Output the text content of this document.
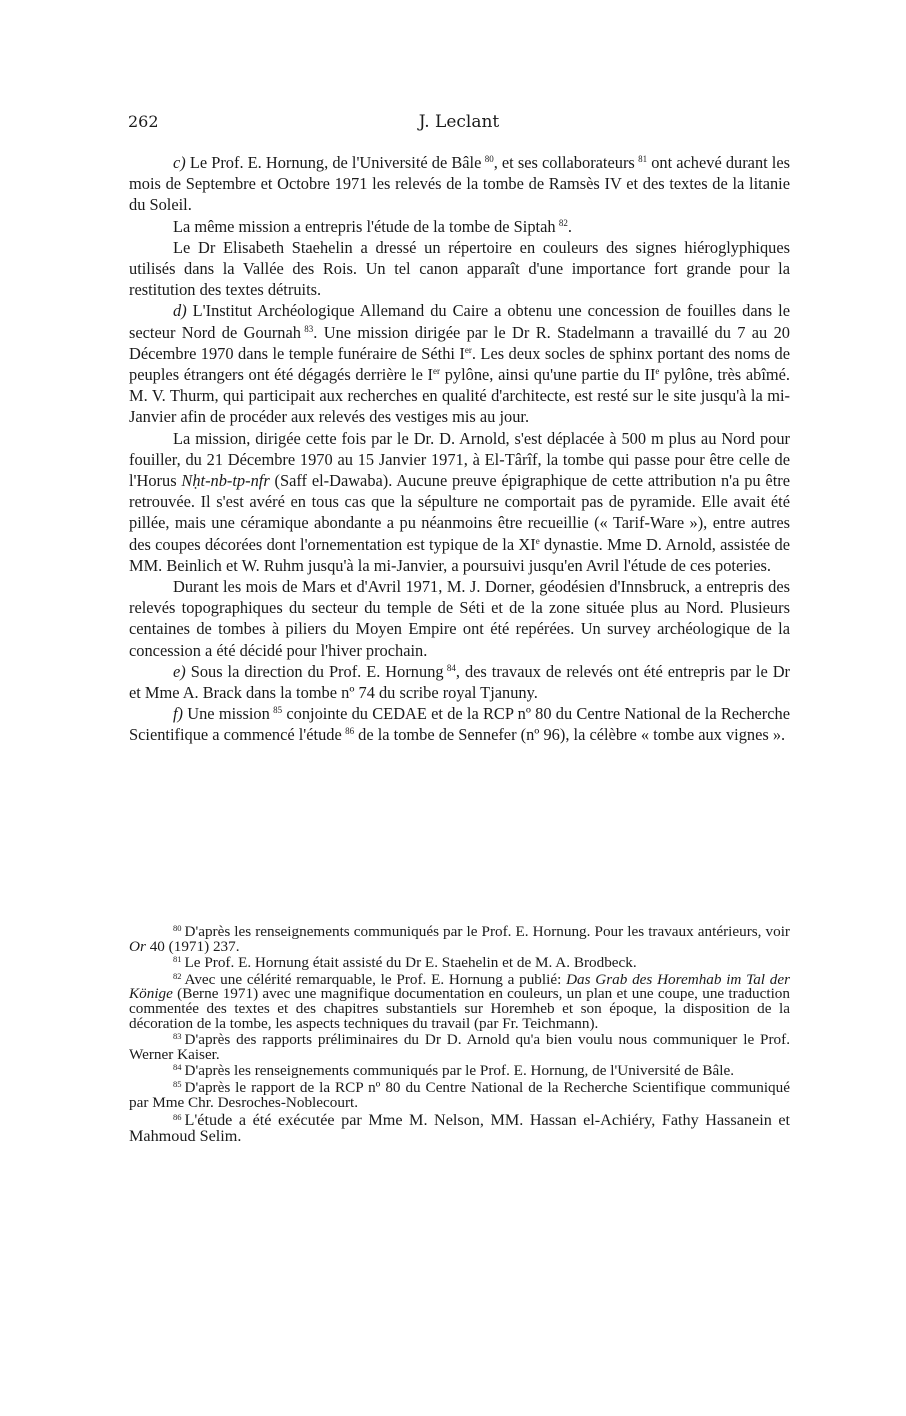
262	J. Leclant

c) Le Prof. E. Hornung, de l'Université de Bâle  $^{80}$, et ses collaborateurs  $^{81}$ ont achevé durant les mois de Septembre et Octobre 1971 les relevés de la tombe de Ramsès IV et des textes de la litanie du Soleil.

La même mission a entrepris l'étude de la tombe de Siptah  $^{82}$.

Le Dr Elisabeth Staehelin a dressé un répertoire en couleurs des signes hiéroglyphiques utilisés dans la Vallée des Rois. Un tel canon apparaît d'une importance fort grande pour la restitution des textes détruits.

d) L'Institut Archéologique Allemand du Caire a obtenu une concession de fouilles dans le secteur Nord de Gournah  $^{83}$. Une mission dirigée par le Dr R. Stadelmann a travaillé du 7 au 20 Décembre 1970 dans le temple funéraire de Séthi Ier. Les deux socles de sphinx portant des noms de peuples étrangers ont été dégagés derrière le Ier pylône, ainsi qu'une partie du IIe pylône, très abîmé. M. V. Thurm, qui participait aux recherches en qualité d'architecte, est resté sur le site jusqu'à la mi-Janvier afin de procéder aux relevés des vestiges mis au jour.

La mission, dirigée cette fois par le Dr. D. Arnold, s'est déplacée à 500 m plus au Nord pour fouiller, du 21 Décembre 1970 au 15 Janvier 1971, à El-Târîf, la tombe qui passe pour être celle de l'Horus Nḥt-nb-tp-nfr (Saff el-Dawaba). Aucune preuve épigraphique de cette attribution n'a pu être retrouvée. Il s'est avéré en tous cas que la sépulture ne comportait pas de pyramide. Elle avait été pillée, mais une céramique abondante a pu néanmoins être recueillie (« Tarif-Ware »), entre autres des coupes décorées dont l'ornementation est typique de la XIe dynastie. Mme D. Arnold, assistée de MM. Beinlich et W. Ruhm jusqu'à la mi-Janvier, a poursuivi jusqu'en Avril l'étude de ces poteries.

Durant les mois de Mars et d'Avril 1971, M. J. Dorner, géodésien d'Innsbruck, a entrepris des relevés topographiques du secteur du temple de Séti et de la zone située plus au Nord. Plusieurs centaines de tombes à piliers du Moyen Empire ont été repérées. Un survey archéologique de la concession a été décidé pour l'hiver prochain.

e) Sous la direction du Prof. E. Hornung  $^{84}$, des travaux de relevés ont été entrepris par le Dr et Mme A. Brack dans la tombe nº 74 du scribe royal Tjanuny.

f) Une mission  $^{85}$ conjointe du CEDAE et de la RCP nº 80 du Centre National de la Recherche Scientifique a commencé l'étude  $^{86}$ de la tombe de Sennefer (nº 96), la célèbre « tombe aux vignes ».

$^{80}$ D'après les renseignements communiqués par le Prof. E. Hornung. Pour les travaux antérieurs, voir Or 40 (1971) 237.

$^{81}$ Le Prof. E. Hornung était assisté du Dr E. Staehelin et de M. A. Brodbeck.

$^{82}$ Avec une célérité remarquable, le Prof. E. Hornung a publié: Das Grab des Horemhab im Tal der Könige (Berne 1971) avec une magnifique documentation en couleurs, un plan et une coupe, une traduction commentée des textes et des chapitres substantiels sur Horemheb et son époque, la disposition de la décoration de la tombe, les aspects techniques du travail (par Fr. Teichmann).

$^{83}$ D'après des rapports préliminaires du Dr D. Arnold qu'a bien voulu nous communiquer le Prof. Werner Kaiser.

$^{84}$ D'après les renseignements communiqués par le Prof. E. Hornung, de l'Université de Bâle.

$^{85}$ D'après le rapport de la RCP nº 80 du Centre National de la Recherche Scientifique communiqué par Mme Chr. Desroches-Noblecourt.

$^{86}$ L'étude a été exécutée par Mme M. Nelson, MM. Hassan el-Achiéry, Fathy Hassanein et Mahmoud Selim.
